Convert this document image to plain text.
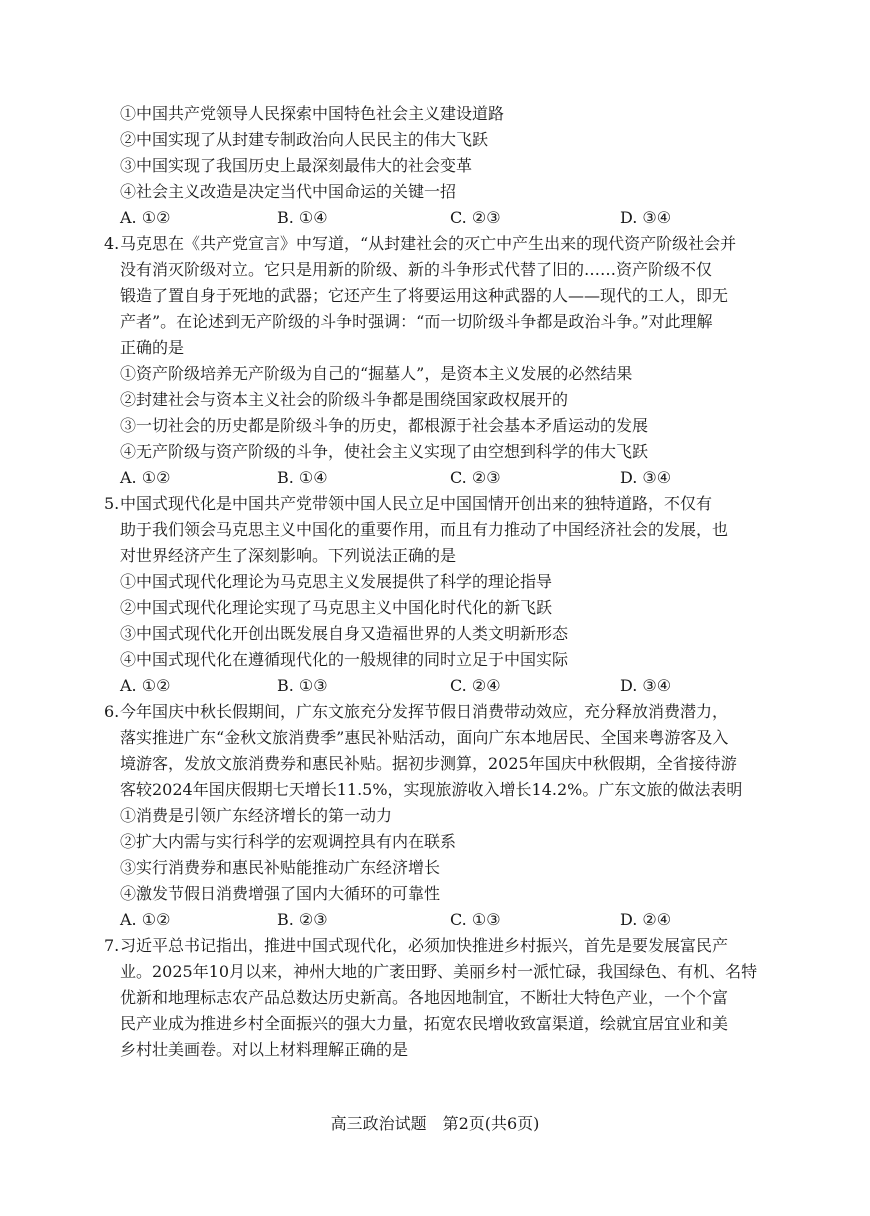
①中国共产党领导人民探索中国特色社会主义建设道路
②中国实现了从封建专制政治向人民民主的伟大飞跃
③中国实现了我国历史上最深刻最伟大的社会变革
④社会主义改造是决定当代中国命运的关键一招
A. ①②	B. ①④	C. ②③	D. ③④
4.马克思在《共产党宣言》中写道，“从封建社会的灭亡中产生出来的现代资产阶级社会并
没有消灭阶级对立。它只是用新的阶级、新的斗争形式代替了旧的……资产阶级不仅
锻造了置自身于死地的武器；它还产生了将要运用这种武器的人——现代的工人，即无
产者”。在论述到无产阶级的斗争时强调：“而一切阶级斗争都是政治斗争。”对此理解
正确的是
①资产阶级培养无产阶级为自己的“掘墓人”，是资本主义发展的必然结果
②封建社会与资本主义社会的阶级斗争都是围绕国家政权展开的
③一切社会的历史都是阶级斗争的历史，都根源于社会基本矛盾运动的发展
④无产阶级与资产阶级的斗争，使社会主义实现了由空想到科学的伟大飞跃
A. ①②	B. ①④	C. ②③	D. ③④
5.中国式现代化是中国共产党带领中国人民立足中国国情开创出来的独特道路，不仅有
助于我们领会马克思主义中国化的重要作用，而且有力推动了中国经济社会的发展，也
对世界经济产生了深刻影响。下列说法正确的是
①中国式现代化理论为马克思主义发展提供了科学的理论指导
②中国式现代化理论实现了马克思主义中国化时代化的新飞跃
③中国式现代化开创出既发展自身又造福世界的人类文明新形态
④中国式现代化在遵循现代化的一般规律的同时立足于中国实际
A. ①②	B. ①③	C. ②④	D. ③④
6.今年国庆中秋长假期间，广东文旅充分发挥节假日消费带动效应，充分释放消费潜力，
落实推进广东“金秋文旅消费季”惠民补贴活动，面向广东本地居民、全国来粤游客及入
境游客，发放文旅消费券和惠民补贴。据初步测算，2025年国庆中秋假期，全省接待游
客较2024年国庆假期七天增长11.5%，实现旅游收入增长14.2%。广东文旅的做法表明
①消费是引领广东经济增长的第一动力
②扩大内需与实行科学的宏观调控具有内在联系
③实行消费券和惠民补贴能推动广东经济增长
④激发节假日消费增强了国内大循环的可靠性
A. ①②	B. ②③	C. ①③	D. ②④
7.习近平总书记指出，推进中国式现代化，必须加快推进乡村振兴，首先是要发展富民产
业。2025年10月以来，神州大地的广袤田野、美丽乡村一派忙碌，我国绿色、有机、名特
优新和地理标志农产品总数达历史新高。各地因地制宜，不断壮大特色产业，一个个富
民产业成为推进乡村全面振兴的强大力量，拓宽农民增收致富渠道，绘就宜居宜业和美
乡村壮美画卷。对以上材料理解正确的是
高三政治试题 第2页(共6页)
